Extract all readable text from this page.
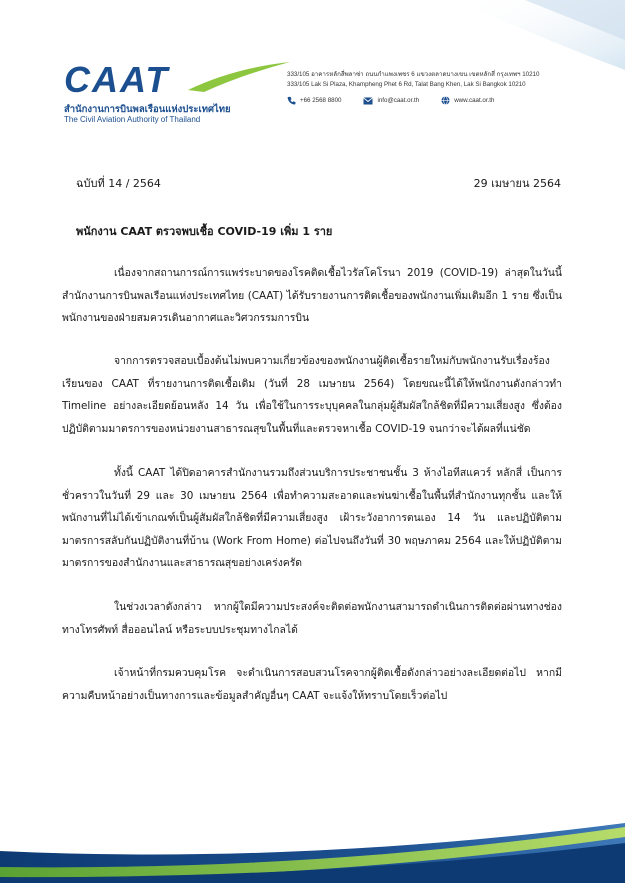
CAAT
สำนักงานการบินพลเรือนแห่งประเทศไทย
The Civil Aviation Authority of Thailand
333/105 อาคารหลักสี่พลาซ่า ถนนกำแพงเพชร 6 แขวงตลาดบางเขน เขตหลักสี่ กรุงเทพฯ 10210
333/105 Lak Si Plaza, Khampheng Phet 6 Rd, Talat Bang Khen, Lak Si Bangkok 10210
+66 2568 8800	info@caat.or.th	www.caat.or.th
ฉบับที่ 14 / 2564	29 เมษายน 2564
พนักงาน CAAT ตรวจพบเชื้อ COVID-19 เพิ่ม 1 ราย

เนื่องจากสถานการณ์การแพร่ระบาดของโรคติดเชื้อไวรัสโคโรนา 2019 (COVID-19) ล่าสุดในวันนี้ สำนักงานการบินพลเรือนแห่งประเทศไทย (CAAT) ได้รับรายงานการติดเชื้อของพนักงานเพิ่มเติมอีก 1 ราย ซึ่งเป็นพนักงานของฝ่ายสมควรเดินอากาศและวิศวกรรมการบิน

จากการตรวจสอบเบื้องต้นไม่พบความเกี่ยวข้องของพนักงานผู้ติดเชื้อรายใหม่กับพนักงานรับเรื่องร้องเรียนของ CAAT ที่รายงานการติดเชื้อเดิม (วันที่ 28 เมษายน 2564) โดยขณะนี้ได้ให้พนักงานดังกล่าวทำ Timeline อย่างละเอียดย้อนหลัง 14 วัน เพื่อใช้ในการระบุบุคคลในกลุ่มผู้สัมผัสใกล้ชิดที่มีความเสี่ยงสูง ซึ่งต้องปฏิบัติตามมาตรการของหน่วยงานสาธารณสุขในพื้นที่และตรวจหาเชื้อ COVID-19 จนกว่าจะได้ผลที่แน่ชัด

ทั้งนี้ CAAT ได้ปิดอาคารสำนักงานรวมถึงส่วนบริการประชาชนชั้น 3 ห้างไอทีสแควร์ หลักสี่ เป็นการชั่วคราวในวันที่ 29 และ 30 เมษายน 2564 เพื่อทำความสะอาดและพ่นฆ่าเชื้อในพื้นที่สำนักงานทุกชั้น และให้พนักงานที่ไม่ได้เข้าเกณฑ์เป็นผู้สัมผัสใกล้ชิดที่มีความเสี่ยงสูง เฝ้าระวังอาการตนเอง 14 วัน และปฏิบัติตามมาตรการสลับกันปฏิบัติงานที่บ้าน (Work From Home) ต่อไปจนถึงวันที่ 30 พฤษภาคม 2564 และให้ปฏิบัติตามมาตรการของสำนักงานและสาธารณสุขอย่างเคร่งครัด

ในช่วงเวลาดังกล่าว หากผู้ใดมีความประสงค์จะติดต่อพนักงานสามารถดำเนินการติดต่อผ่านทางช่องทางโทรศัพท์ สื่อออนไลน์ หรือระบบประชุมทางไกลได้

เจ้าหน้าที่กรมควบคุมโรค จะดำเนินการสอบสวนโรคจากผู้ติดเชื้อดังกล่าวอย่างละเอียดต่อไป หากมีความคืบหน้าอย่างเป็นทางการและข้อมูลสำคัญอื่นๆ CAAT จะแจ้งให้ทราบโดยเร็วต่อไป
